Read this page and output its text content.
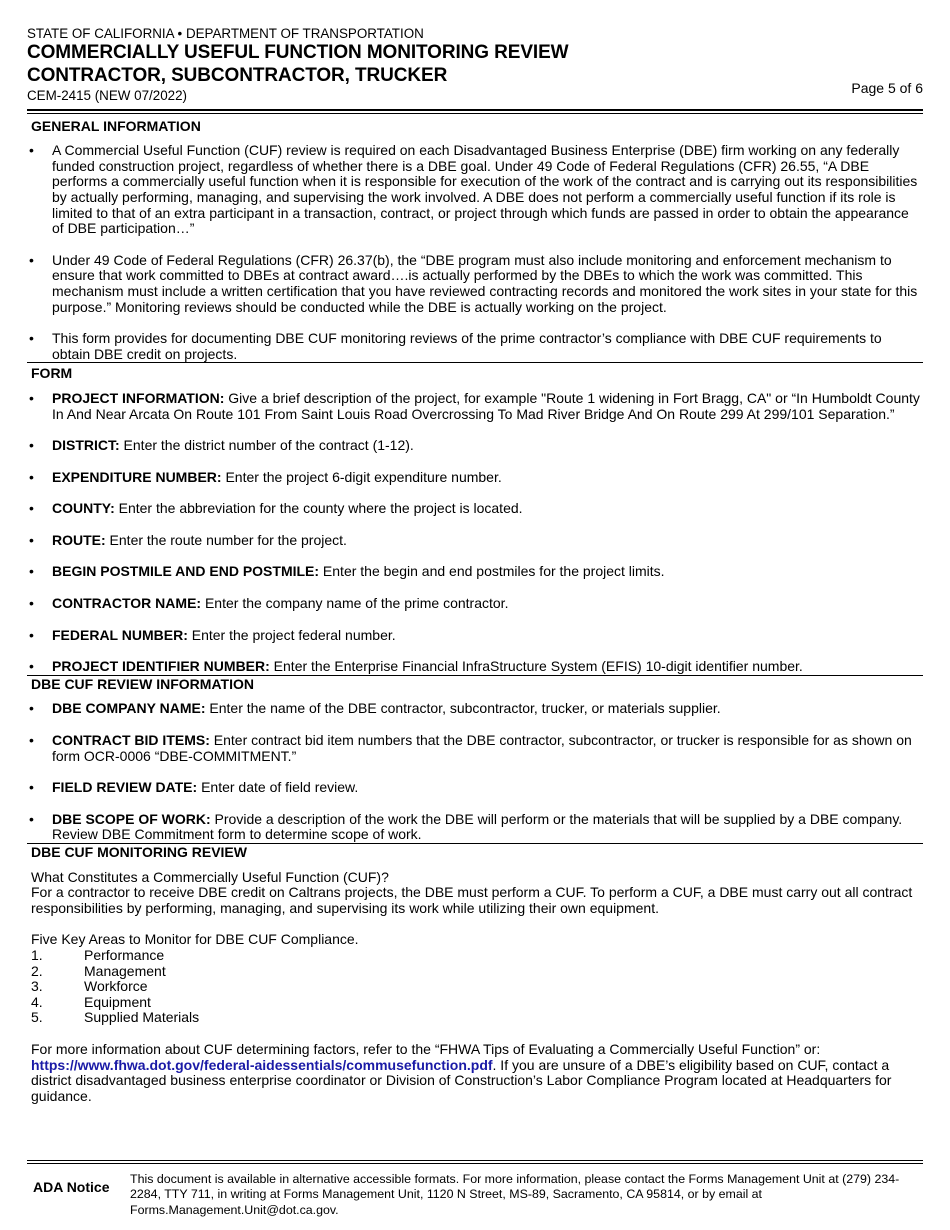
STATE OF CALIFORNIA • DEPARTMENT OF TRANSPORTATION
COMMERCIALLY USEFUL FUNCTION MONITORING REVIEW
CONTRACTOR, SUBCONTRACTOR, TRUCKER
CEM-2415 (NEW 07/2022)	Page 5 of 6
GENERAL INFORMATION
• A Commercial Useful Function (CUF) review is required on each Disadvantaged Business Enterprise (DBE) firm working on any federally funded construction project, regardless of whether there is a DBE goal. Under 49 Code of Federal Regulations (CFR) 26.55, “A DBE performs a commercially useful function when it is responsible for execution of the work of the contract and is carrying out its responsibilities by actually performing, managing, and supervising the work involved. A DBE does not perform a commercially useful function if its role is limited to that of an extra participant in a transaction, contract, or project through which funds are passed in order to obtain the appearance of DBE participation…”
• Under 49 Code of Federal Regulations (CFR) 26.37(b), the “DBE program must also include monitoring and enforcement mechanism to ensure that work committed to DBEs at contract award….is actually performed by the DBEs to which the work was committed. This mechanism must include a written certification that you have reviewed contracting records and monitored the work sites in your state for this purpose.” Monitoring reviews should be conducted while the DBE is actually working on the project.
• This form provides for documenting DBE CUF monitoring reviews of the prime contractor’s compliance with DBE CUF requirements to obtain DBE credit on projects.
FORM
• PROJECT INFORMATION: Give a brief description of the project, for example "Route 1 widening in Fort Bragg, CA" or “In Humboldt County In And Near Arcata On Route 101 From Saint Louis Road Overcrossing To Mad River Bridge And On Route 299 At 299/101 Separation.”
• DISTRICT: Enter the district number of the contract (1-12).
• EXPENDITURE NUMBER: Enter the project 6-digit expenditure number.
• COUNTY: Enter the abbreviation for the county where the project is located.
• ROUTE: Enter the route number for the project.
• BEGIN POSTMILE AND END POSTMILE: Enter the begin and end postmiles for the project limits.
• CONTRACTOR NAME: Enter the company name of the prime contractor.
• FEDERAL NUMBER: Enter the project federal number.
• PROJECT IDENTIFIER NUMBER: Enter the Enterprise Financial InfraStructure System (EFIS) 10-digit identifier number.
DBE CUF REVIEW INFORMATION
• DBE COMPANY NAME: Enter the name of the DBE contractor, subcontractor, trucker, or materials supplier.
• CONTRACT BID ITEMS: Enter contract bid item numbers that the DBE contractor, subcontractor, or trucker is responsible for as shown on form OCR-0006 “DBE-COMMITMENT.”
• FIELD REVIEW DATE: Enter date of field review.
• DBE SCOPE OF WORK: Provide a description of the work the DBE will perform or the materials that will be supplied by a DBE company. Review DBE Commitment form to determine scope of work.
DBE CUF MONITORING REVIEW
What Constitutes a Commercially Useful Function (CUF)?
For a contractor to receive DBE credit on Caltrans projects, the DBE must perform a CUF. To perform a CUF, a DBE must carry out all contract responsibilities by performing, managing, and supervising its work while utilizing their own equipment.
Five Key Areas to Monitor for DBE CUF Compliance.
1.	Performance
2.	Management
3.	Workforce
4.	Equipment
5.	Supplied Materials
For more information about CUF determining factors, refer to the “FHWA Tips of Evaluating a Commercially Useful Function” or: https://www.fhwa.dot.gov/federal-aidessentials/commusefunction.pdf. If you are unsure of a DBE’s eligibility based on CUF, contact a district disadvantaged business enterprise coordinator or Division of Construction’s Labor Compliance Program located at Headquarters for guidance.
ADA Notice	This document is available in alternative accessible formats. For more information, please contact the Forms Management Unit at (279) 234-2284, TTY 711, in writing at Forms Management Unit, 1120 N Street, MS-89, Sacramento, CA 95814, or by email at Forms.Management.Unit@dot.ca.gov.
